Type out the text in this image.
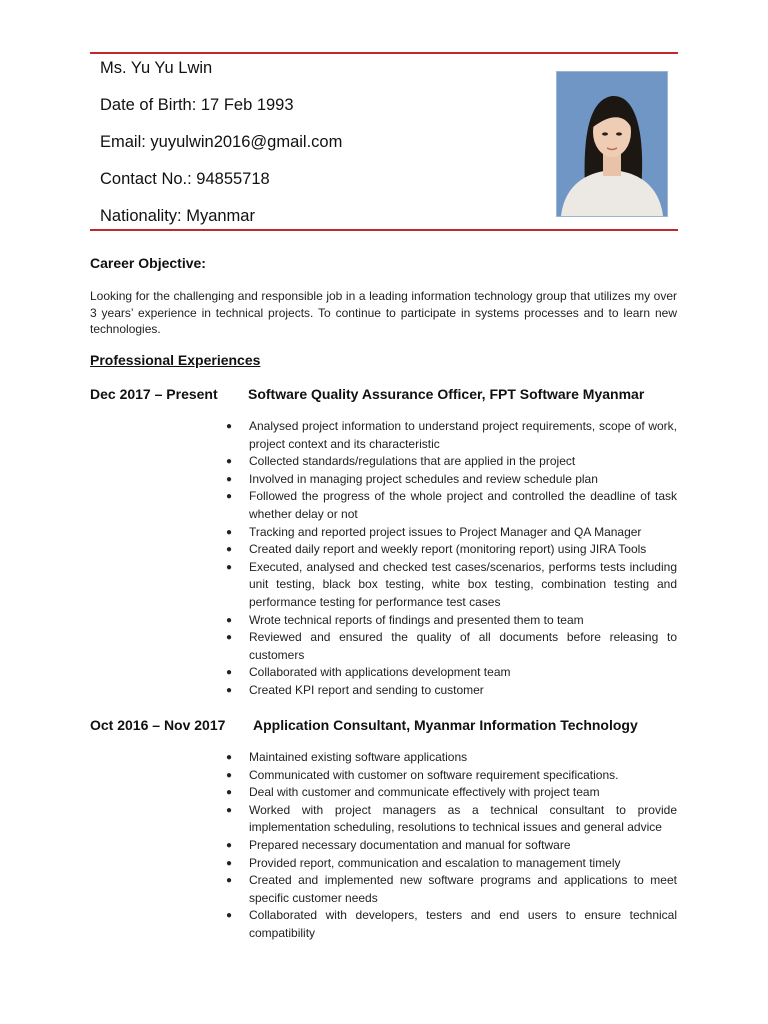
Ms. Yu Yu Lwin
Date of Birth: 17 Feb 1993
Email: yuyulwin2016@gmail.com
Contact No.: 94855718
Nationality: Myanmar
Career Objective:
Looking for the challenging and responsible job in a leading information technology group that utilizes my over 3 years’ experience in technical projects. To continue to participate in systems processes and to learn new technologies.
Professional Experiences
Dec 2017 – Present Software Quality Assurance Officer, FPT Software Myanmar
● Analysed project information to understand project requirements, scope of work, project context and its characteristic
● Collected standards/regulations that are applied in the project
● Involved in managing project schedules and review schedule plan
● Followed the progress of the whole project and controlled the deadline of task whether delay or not
● Tracking and reported project issues to Project Manager and QA Manager
● Created daily report and weekly report (monitoring report) using JIRA Tools
● Executed, analysed and checked test cases/scenarios, performs tests including unit testing, black box testing, white box testing, combination testing and performance testing for performance test cases
● Wrote technical reports of findings and presented them to team
● Reviewed and ensured the quality of all documents before releasing to customers
● Collaborated with applications development team
● Created KPI report and sending to customer
Oct 2016 – Nov 2017 Application Consultant, Myanmar Information Technology
● Maintained existing software applications
● Communicated with customer on software requirement specifications.
● Deal with customer and communicate effectively with project team
● Worked with project managers as a technical consultant to provide implementation scheduling, resolutions to technical issues and general advice
● Prepared necessary documentation and manual for software
● Provided report, communication and escalation to management timely
● Created and implemented new software programs and applications to meet specific customer needs
● Collaborated with developers, testers and end users to ensure technical compatibility
